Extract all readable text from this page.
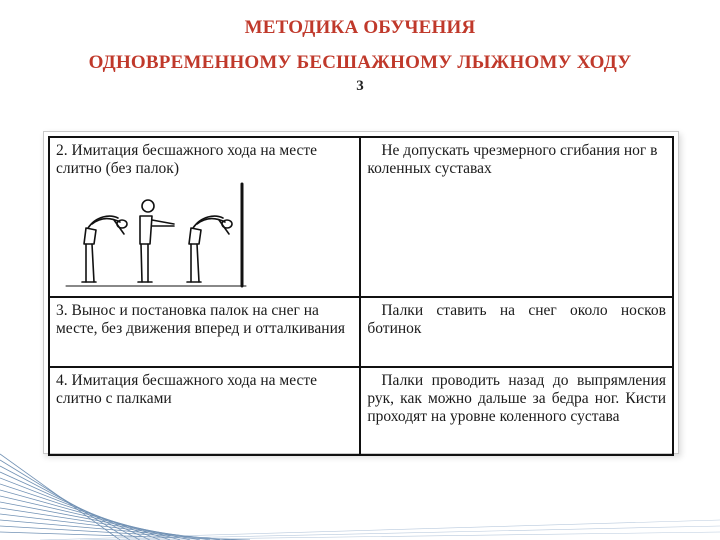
МЕТОДИКА ОБУЧЕНИЯ
ОДНОВРЕМЕННОМУ БЕСШАЖНОМУ ЛЫЖНОМУ ХОДУ
3
2. Имитация бесшажного хода на месте слитно (без палок)	Не допускать чрезмерного сгибания ног в коленных суставах

3. Вынос и постановка палок на снег на месте, без движения вперед и отталкивания	Палки ставить на снег около носков ботинок

4. Имитация бесшажного хода на месте слитно с палками	Палки проводить назад до выпрямления рук, как можно дальше за бедра ног. Кисти проходят на уровне коленного сустава
